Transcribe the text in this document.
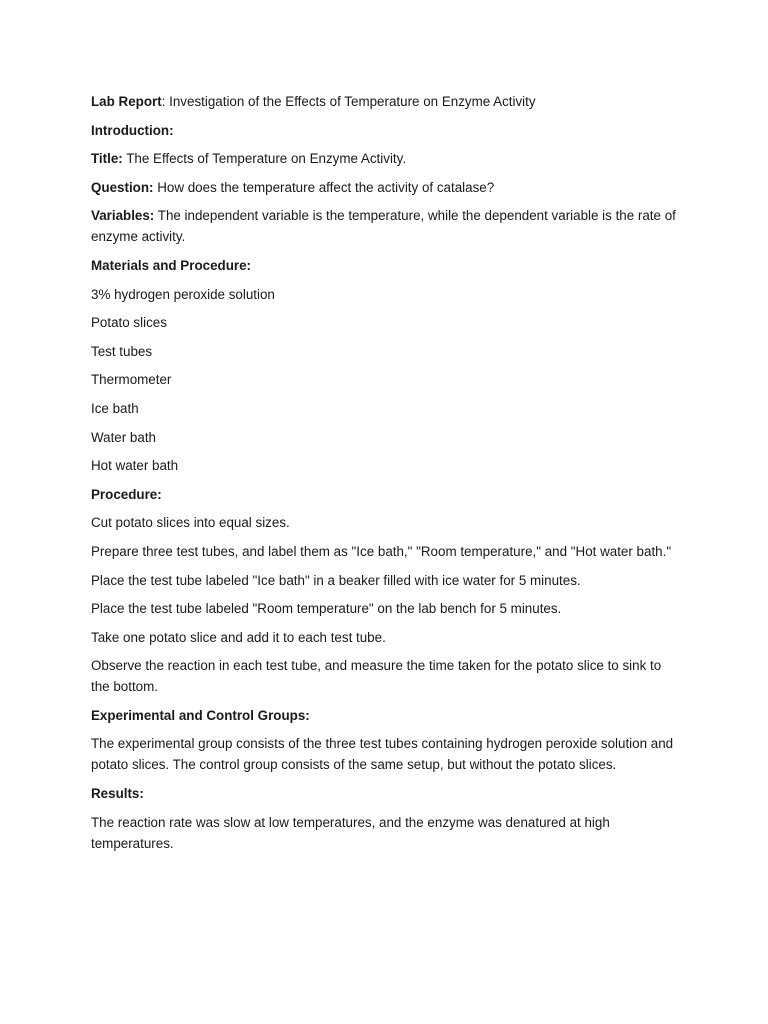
Lab Report: Investigation of the Effects of Temperature on Enzyme Activity

Introduction:

Title: The Effects of Temperature on Enzyme Activity.

Question: How does the temperature affect the activity of catalase?

Variables: The independent variable is the temperature, while the dependent variable is the rate of enzyme activity.

Materials and Procedure:

3% hydrogen peroxide solution

Potato slices

Test tubes

Thermometer

Ice bath

Water bath

Hot water bath

Procedure:

Cut potato slices into equal sizes.

Prepare three test tubes, and label them as "Ice bath," "Room temperature," and "Hot water bath."

Place the test tube labeled "Ice bath" in a beaker filled with ice water for 5 minutes.

Place the test tube labeled "Room temperature" on the lab bench for 5 minutes.

Take one potato slice and add it to each test tube.

Observe the reaction in each test tube, and measure the time taken for the potato slice to sink to the bottom.

Experimental and Control Groups:

The experimental group consists of the three test tubes containing hydrogen peroxide solution and potato slices. The control group consists of the same setup, but without the potato slices.

Results:

The reaction rate was slow at low temperatures, and the enzyme was denatured at high temperatures.
